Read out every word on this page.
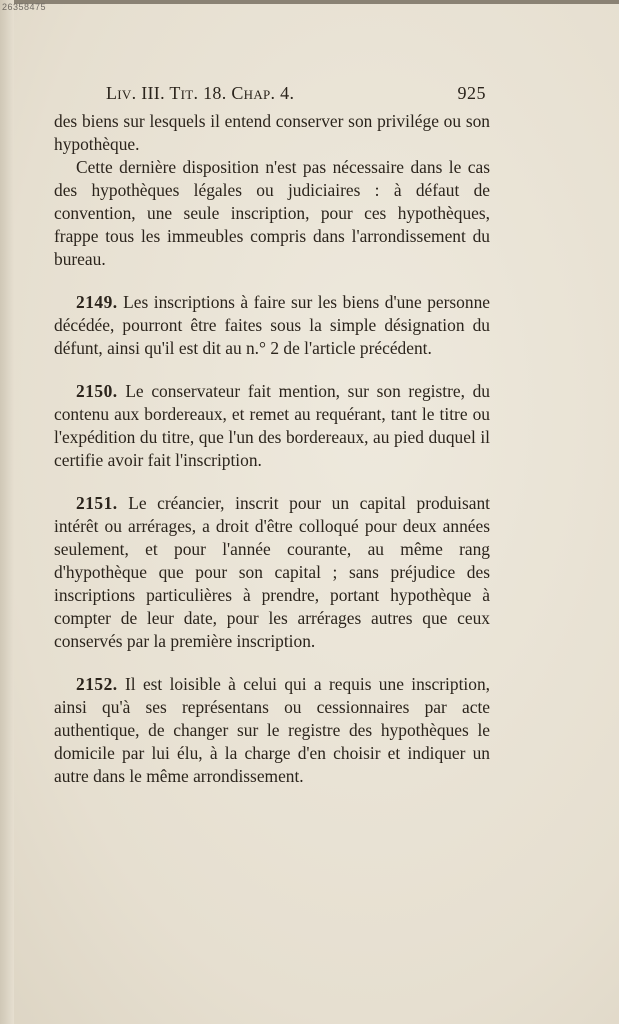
26358475
Liv. III. Tit. 18. Chap. 4.	925

des biens sur lesquels il entend conserver son privilége ou son hypothèque.

Cette dernière disposition n'est pas nécessaire dans le cas des hypothèques légales ou judiciaires : à défaut de convention, une seule inscription, pour ces hypothèques, frappe tous les immeubles compris dans l'arrondissement du bureau.

2149. Les inscriptions à faire sur les biens d'une personne décédée, pourront être faites sous la simple désignation du défunt, ainsi qu'il est dit au n.° 2 de l'article précédent.

2150. Le conservateur fait mention, sur son registre, du contenu aux bordereaux, et remet au requérant, tant le titre ou l'expédition du titre, que l'un des bordereaux, au pied duquel il certifie avoir fait l'inscription.

2151. Le créancier, inscrit pour un capital produisant intérêt ou arrérages, a droit d'être colloqué pour deux années seulement, et pour l'année courante, au même rang d'hypothèque que pour son capital ; sans préjudice des inscriptions particulières à prendre, portant hypothèque à compter de leur date, pour les arrérages autres que ceux conservés par la première inscription.

2152. Il est loisible à celui qui a requis une inscription, ainsi qu'à ses représentans ou cessionnaires par acte authentique, de changer sur le registre des hypothèques le domicile par lui élu, à la charge d'en choisir et indiquer un autre dans le même arrondissement.
